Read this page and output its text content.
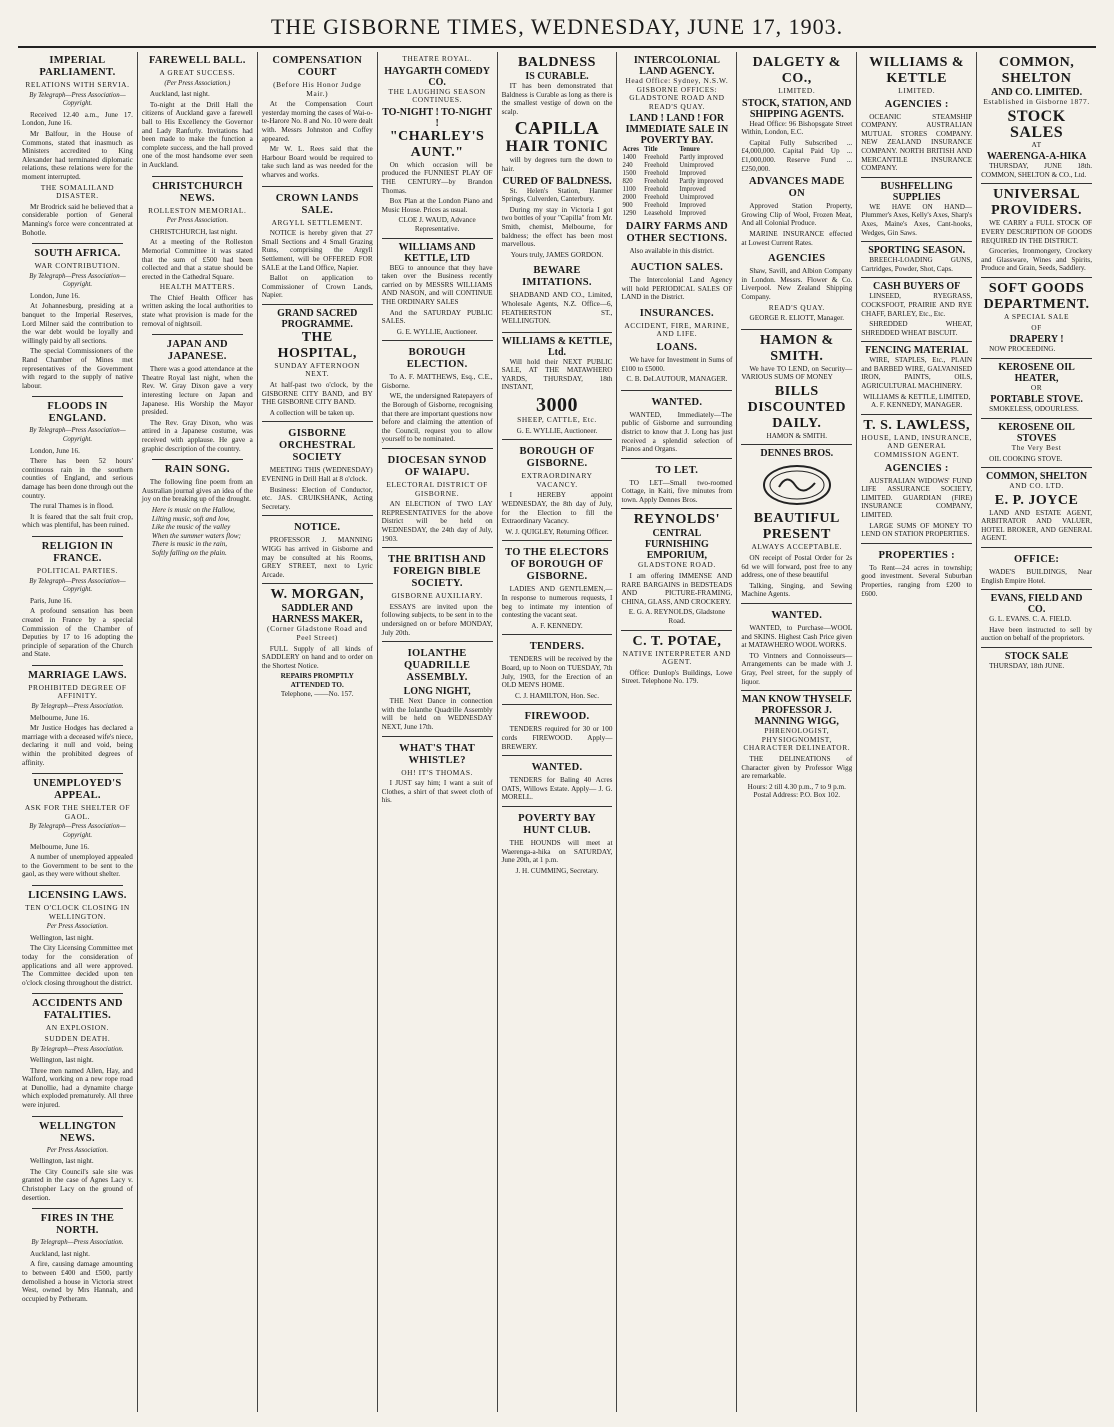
THE GISBORNE TIMES, WEDNESDAY, JUNE 17, 1903.
IMPERIAL PARLIAMENT.
RELATIONS WITH SERVIA.
By Telegraph—Press Association—Copyright.

Received 12.40 a.m., June 17. London, June 16.

Mr Balfour, in the House of Commons, stated that inasmuch as Ministers accredited to King Alexander had terminated diplomatic relations, these relations were for the moment interrupted.

THE SOMALILAND DISASTER.

Mr Brodrick said he believed that a considerable portion of General Manning's force were concentrated at Bohotle.

SOUTH AFRICA.
WAR CONTRIBUTION.
By Telegraph—Press Association—Copyright.

London, June 16.

At Johannesburg, presiding at a banquet to the Imperial Reserves, Lord Milner said the contribution to the war debt would be loyally and willingly paid by all sections.

The special Commissioners of the Rand Chamber of Mines met representatives of the Government with regard to the supply of native labour.

FLOODS IN ENGLAND.
By Telegraph—Press Association—Copyright.

London, June 16.

There has been 52 hours' continuous rain in the southern counties of England, and serious damage has been done through out the country.

The rural Thames is in flood.

It is feared that the salt fruit crop, which was plentiful, has been ruined.

RELIGION IN FRANCE.
POLITICAL PARTIES.
By Telegraph—Press Association—Copyright.

Paris, June 16.

A profound sensation has been created in France by a special Commission of the Chamber of Deputies by 17 to 16 adopting the principle of separation of the Church and State.

MARRIAGE LAWS.
PROHIBITED DEGREE OF AFFINITY.
By Telegraph—Press Association.

Melbourne, June 16.

Mr Justice Hodges has declared a marriage with a deceased wife's niece, declaring it null and void, being within the prohibited degrees of affinity.

UNEMPLOYED'S APPEAL.
ASK FOR THE SHELTER OF GAOL.
By Telegraph—Press Association—Copyright.

Melbourne, June 16.

A number of unemployed appealed to the Government to be sent to the gaol, as they were without shelter.

LICENSING LAWS.
TEN O'CLOCK CLOSING IN WELLINGTON.
Per Press Association.

Wellington, last night.

The City Licensing Committee met today for the consideration of applications and all were approved. The Committee decided upon ten o'clock closing throughout the district.

ACCIDENTS AND FATALITIES.
AN EXPLOSION.
SUDDEN DEATH.
By Telegraph—Press Association.

Wellington, last night.

Three men named Allen, Hay, and Walford, working on a new rope road at Dunollie, had a dynamite charge which exploded prematurely. All three were injured.

WELLINGTON NEWS.
Per Press Association.

Wellington, last night.

The City Council's sale site was granted in the case of Agnes Lacy v. Christopher Lacy on the ground of desertion.

FIRES IN THE NORTH.
By Telegraph—Press Association.

Auckland, last night.

A fire, causing damage amounting to between £400 and £500, partly demolished a house in Victoria street West, owned by Mrs Hannah, and occupied by Petheram.

FAREWELL BALL.
A GREAT SUCCESS.
(Per Press Association.)

Auckland, last night.

To-night at the Drill Hall the citizens of Auckland gave a farewell ball to His Excellency the Governor and Lady Ranfurly. Invitations had been made to make the function a complete success, and the hall proved one of the most handsome ever seen in Auckland.

CHRISTCHURCH NEWS.
ROLLESTON MEMORIAL.
Per Press Association.

CHRISTCHURCH, last night.

At a meeting of the Rolleston Memorial Committee it was stated that the sum of £500 had been collected and that a statue should be erected in the Cathedral Square.

HEALTH MATTERS.

The Chief Health Officer has written asking the local authorities to state what provision is made for the removal of nightsoil.

JAPAN AND JAPANESE.

There was a good attendance at the Theatre Royal last night, when the Rev. W. Gray Dixon gave a very interesting lecture on Japan and Japanese. His Worship the Mayor presided.

The Rev. Gray Dixon, who was attired in a Japanese costume, was received with applause. He gave a graphic description of the country.

RAIN SONG.

The following fine poem from an Australian journal gives an idea of the joy on the breaking up of the drought.

Here is music on the Hallow,
Lilting music, soft and low,
Like the music of the valley
When the summer waters flow;
There is music in the rain,
Softly falling on the plain.
COMPENSATION COURT
(Before His Honor Judge Mair.)

At the Compensation Court yesterday morning the cases of Wai-o-te-Harore No. 8 and No. 10 were dealt with. Messrs Johnston and Coffey appeared.

Mr W. L. Rees said that the Harbour Board would be required to take such land as was needed for the wharves and works.

CROWN LANDS SALE.
ARGYLL SETTLEMENT.

NOTICE is hereby given that 27 Small Sections and 4 Small Grazing Runs, comprising the Argyll Settlement, will be OFFERED FOR SALE at the Land Office, Napier.

Ballot on application to Commissioner of Crown Lands, Napier.

GRAND SACRED PROGRAMME.
THE HOSPITAL,
SUNDAY AFTERNOON NEXT.

At half-past two o'clock, by the GISBORNE CITY BAND, and BY THE GISBORNE CITY BAND.

A collection will be taken up.

GISBORNE ORCHESTRAL SOCIETY

MEETING THIS (WEDNESDAY) EVENING in Drill Hall at 8 o'clock.

Business: Election of Conductor, etc. JAS. CRUIKSHANK, Acting Secretary.

NOTICE.

PROFESSOR J. MANNING WIGG has arrived in Gisborne and may be consulted at his Rooms, GREY STREET, next to Lyric Arcade.

W. MORGAN,
SADDLER AND HARNESS MAKER,
(Corner Gladstone Road and Peel Street)

FULL Supply of all kinds of SADDLERY on hand and to order on the Shortest Notice.

REPAIRS PROMPTLY ATTENDED TO.
Telephone, ——No. 157.
THEATRE ROYAL.
HAYGARTH COMEDY CO.
THE LAUGHING SEASON CONTINUES.
TO-NIGHT ! TO-NIGHT !
"CHARLEY'S AUNT."

On which occasion will be produced the FUNNIEST PLAY OF THE CENTURY—by Brandon Thomas.

Box Plan at the London Piano and Music House. Prices as usual.

CLOE J. WAUD, Advance Representative.
WILLIAMS AND KETTLE, LTD

BEG to announce that they have taken over the Business recently carried on by MESSRS WILLIAMS AND NASON, and will CONTINUE THE ORDINARY SALES

And the SATURDAY PUBLIC SALES.

G. E. WYLLIE, Auctioneer.
BOROUGH ELECTION.

To A. F. MATTHEWS, Esq., C.E., Gisborne.

WE, the undersigned Ratepayers of the Borough of Gisborne, recognising that there are important questions now before and claiming the attention of the Council, request you to allow yourself to be nominated.

DIOCESAN SYNOD OF WAIAPU.
ELECTORAL DISTRICT OF GISBORNE.

AN ELECTION of TWO LAY REPRESENTATIVES for the above District will be held on WEDNESDAY, the 24th day of July, 1903.

THE BRITISH AND FOREIGN BIBLE SOCIETY.
GISBORNE AUXILIARY.

ESSAYS are invited upon the following subjects, to be sent in to the undersigned on or before MONDAY, July 20th.

IOLANTHE QUADRILLE ASSEMBLY.
LONG NIGHT,

THE Next Dance in connection with the Iolanthe Quadrille Assembly will be held on WEDNESDAY NEXT, June 17th.

WHAT'S THAT WHISTLE?
OH! IT'S THOMAS.

I JUST say him; I want a suit of Clothes, a shirt of that sweet cloth of his.

BALDNESS
IS CURABLE.

IT has been demonstrated that Baldness is Curable as long as there is the smallest vestige of down on the scalp.

CAPILLA
HAIR TONIC

will by degrees turn the down to hair.

CURED OF BALDNESS.

St. Helen's Station, Hanmer Springs, Culverden, Canterbury.

During my stay in Victoria I got two bottles of your "Capilla" from Mr. Smith, chemist, Melbourne, for baldness; the effect has been most marvellous.

Yours truly, JAMES GORDON.
BEWARE IMITATIONS.

SHADBAND AND CO., Limited, Wholesale Agents, N.Z. Office—6, FEATHERSTON ST., WELLINGTON.

WILLIAMS & KETTLE, Ltd.

Will hold their NEXT PUBLIC SALE, AT THE MATAWHERO YARDS, THURSDAY, 18th INSTANT,

3000
SHEEP, CATTLE, Etc.
G. E. WYLLIE, Auctioneer.
BOROUGH OF GISBORNE.
EXTRAORDINARY VACANCY.

I HEREBY appoint WEDNESDAY, the 8th day of July, for the Election to fill the Extraordinary Vacancy.

W. J. QUIGLEY, Returning Officer.
TO THE ELECTORS OF BOROUGH OF GISBORNE.

LADIES AND GENTLEMEN,—In response to numerous requests, I beg to intimate my intention of contesting the vacant seat.

A. F. KENNEDY.
TENDERS.

TENDERS will be received by the Board, up to Noon on TUESDAY, 7th July, 1903, for the Erection of an OLD MEN'S HOME.

C. J. HAMILTON, Hon. Sec.
FIREWOOD.

TENDERS required for 30 or 100 cords FIREWOOD. Apply—BREWERY.

WANTED.

TENDERS for Baling 40 Acres OATS, Willows Estate. Apply— J. G. MORELL.

POVERTY BAY HUNT CLUB.

THE HOUNDS will meet at Waerenga-a-hika on SATURDAY, June 20th, at 1 p.m.

J. H. CUMMING, Secretary.
INTERCOLONIAL LAND AGENCY.
Head Office: Sydney, N.S.W. GISBORNE OFFICES: GLADSTONE ROAD AND READ'S QUAY.
LAND ! LAND ! FOR IMMEDIATE SALE IN POVERTY BAY.
Acres	Title	Tenure
1400	Freehold	Partly improved
240	Freehold	Unimproved
1500	Freehold	Improved
820	Freehold	Partly improved
1100	Freehold	Improved
2000	Freehold	Unimproved
900	Freehold	Improved
1290	Leasehold	Improved
DAIRY FARMS AND OTHER SECTIONS.

Also available in this district.

AUCTION SALES.

The Intercolonial Land Agency will hold PERIODICAL SALES OF LAND in the District.

INSURANCES.
ACCIDENT, FIRE, MARINE, AND LIFE.
LOANS.

We have for Investment in Sums of £100 to £5000.

C. B. DeLAUTOUR, MANAGER.
WANTED.

WANTED, Immediately—The public of Gisborne and surrounding district to know that J. Long has just received a splendid selection of Pianos and Organs.

TO LET.

TO LET—Small two-roomed Cottage, in Kaiti, five minutes from town. Apply Dennes Bros.

REYNOLDS'
CENTRAL FURNISHING EMPORIUM,
GLADSTONE ROAD.

I am offering IMMENSE AND RARE BARGAINS in BEDSTEADS AND PICTURE-FRAMING, CHINA, GLASS, AND CROCKERY.

E. G. A. REYNOLDS, Gladstone Road.
C. T. POTAE,
NATIVE INTERPRETER AND AGENT.

Office: Dunlop's Buildings, Lowe Street. Telephone No. 179.

DALGETY & CO.,
LIMITED.
STOCK, STATION, AND SHIPPING AGENTS.

Head Office: 96 Bishopsgate Street Within, London, E.C.

Capital Fully Subscribed ... £4,000,000. Capital Paid Up ... £1,000,000. Reserve Fund ... £250,000.

ADVANCES MADE ON

Approved Station Property, Growing Clip of Wool, Frozen Meat, And all Colonial Produce.

MARINE INSURANCE effected at Lowest Current Rates.

AGENCIES

Shaw, Savill, and Albion Company in London. Messrs. Flower & Co. Liverpool. New Zealand Shipping Company.

READ'S QUAY.
GEORGE R. ELIOTT, Manager.
HAMON & SMITH.

We have TO LEND, on Security—VARIOUS SUMS OF MONEY

BILLS DISCOUNTED DAILY.
HAMON & SMITH.
DENNES BROS.
BEAUTIFUL PRESENT
ALWAYS ACCEPTABLE.

ON receipt of Postal Order for 2s 6d we will forward, post free to any address, one of these beautiful

Talking, Singing, and Sewing Machine Agents.

WANTED.

WANTED, to Purchase—WOOL and SKINS. Highest Cash Price given at MATAWHERO WOOL WORKS.

TO Vintners and Connoisseurs—Arrangements can be made with J. Gray, Peel street, for the supply of liquor.

MAN KNOW THYSELF.
PROFESSOR J. MANNING WIGG,
PHRENOLOGIST, PHYSIOGNOMIST, CHARACTER DELINEATOR.

THE DELINEATIONS of Character given by Professor Wigg are remarkable.

Hours: 2 till 4.30 p.m., 7 to 9 p.m. Postal Address: P.O. Box 102.
WILLIAMS & KETTLE
LIMITED.
AGENCIES :

OCEANIC STEAMSHIP COMPANY. AUSTRALIAN MUTUAL STORES COMPANY. NEW ZEALAND INSURANCE COMPANY. NORTH BRITISH AND MERCANTILE INSURANCE COMPANY.

BUSHFELLING SUPPLIES

WE HAVE ON HAND— Plummer's Axes, Kelly's Axes, Sharp's Axes, Maine's Axes, Cant-hooks, Wedges, Gin Saws.

SPORTING SEASON.

BREECH-LOADING GUNS, Cartridges, Powder, Shot, Caps.

CASH BUYERS OF

LINSEED, RYEGRASS, COCKSFOOT, PRAIRIE AND RYE CHAFF, BARLEY, Etc., Etc.

SHREDDED WHEAT, SHREDDED WHEAT BISCUIT.

FENCING MATERIAL

WIRE, STAPLES, Etc., PLAIN and BARBED WIRE, GALVANISED IRON, PAINTS, OILS, AGRICULTURAL MACHINERY.

WILLIAMS & KETTLE, LIMITED, A. F. KENNEDY, MANAGER.
T. S. LAWLESS,
HOUSE, LAND, INSURANCE, AND GENERAL COMMISSION AGENT.
AGENCIES :

AUSTRALIAN WIDOWS' FUND LIFE ASSURANCE SOCIETY, LIMITED. GUARDIAN (FIRE) INSURANCE COMPANY, LIMITED.

LARGE SUMS OF MONEY TO LEND ON STATION PROPERTIES.

PROPERTIES :

To Rent—24 acres in township; good investment. Several Suburban Properties, ranging from £200 to £600.

COMMON, SHELTON
AND CO. LIMITED.
Established in Gisborne 1877.
STOCK SALES
AT
WAERENGA-A-HIKA

THURSDAY, JUNE 18th. COMMON, SHELTON & CO., Ltd.

UNIVERSAL PROVIDERS.

WE CARRY a FULL STOCK OF EVERY DESCRIPTION OF GOODS REQUIRED IN THE DISTRICT.

Groceries, Ironmongery, Crockery and Glassware, Wines and Spirits, Produce and Grain, Seeds, Saddlery.

SOFT GOODS DEPARTMENT.
A SPECIAL SALE
OF
DRAPERY !

NOW PROCEEDING.

KEROSENE OIL HEATER,
OR
PORTABLE STOVE.

SMOKELESS, ODOURLESS.

KEROSENE OIL STOVES
The Very Best

OIL COOKING STOVE.

COMMON, SHELTON
AND CO. LTD.
E. P. JOYCE

LAND AND ESTATE AGENT, ARBITRATOR AND VALUER, HOTEL BROKER, AND GENERAL AGENT.

OFFICE:

WADE'S BUILDINGS, Near English Empire Hotel.

EVANS, FIELD AND CO.

G. L. EVANS. C. A. FIELD.

Have been instructed to sell by auction on behalf of the proprietors.

STOCK SALE

THURSDAY, 18th JUNE.
